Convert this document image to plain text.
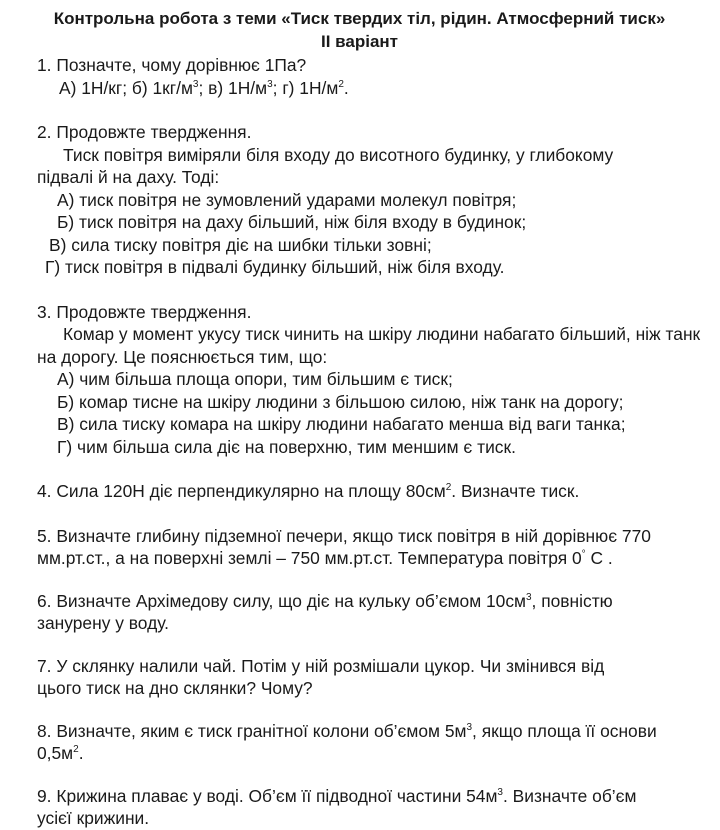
Контрольна робота з теми «Тиск твердих тіл, рідин. Атмосферний тиск»
ІІ варіант
1. Позначте, чому дорівнює 1Па?
А) 1Н/кг; б) $1кг/м^3$; в) $1Н/м^3$; г) $1Н/м^2$.
2. Продовжте твердження.
Тиск повітря виміряли біля входу до висотного будинку, у глибокому
підвалі й на даху. Тоді:
А) тиск повітря не зумовлений ударами молекул повітря;
Б) тиск повітря на даху більший, ніж біля входу в будинок;
В) сила тиску повітря діє на шибки тільки зовні;
Г) тиск повітря в підвалі будинку більший, ніж біля входу.
3. Продовжте твердження.
Комар у момент укусу тиск чинить на шкіру людини набагато більший, ніж танк
на дорогу. Це пояснюється тим, що:
А) чим більша площа опори, тим більшим є тиск;
Б) комар тисне на шкіру людини з більшою силою, ніж танк на дорогу;
В) сила тиску комара на шкіру людини набагато менша від ваги танка;
Г) чим більша сила діє на поверхню, тим меншим є тиск.
4. Сила 120Н діє перпендикулярно на площу $80см^2$. Визначте тиск.
5. Визначте глибину підземної печери, якщо тиск повітря в ній дорівнює 770
мм.рт.ст., а на поверхні землі – 750 мм.рт.ст. Температура повітря 0° С .
6. Визначте Архімедову силу, що діє на кульку об’ємом $10см^3$, повністю
занурену у воду.
7. У склянку налили чай. Потім у ній розмішали цукор. Чи змінився від
цього тиск на дно склянки? Чому?
8. Визначте, яким є тиск гранітної колони об’ємом $5м^3$, якщо площа її основи
$0,5м^2$.
9. Крижина плаває у воді. Об’єм її підводної частини $54м^3$. Визначте об’єм
усієї крижини.
